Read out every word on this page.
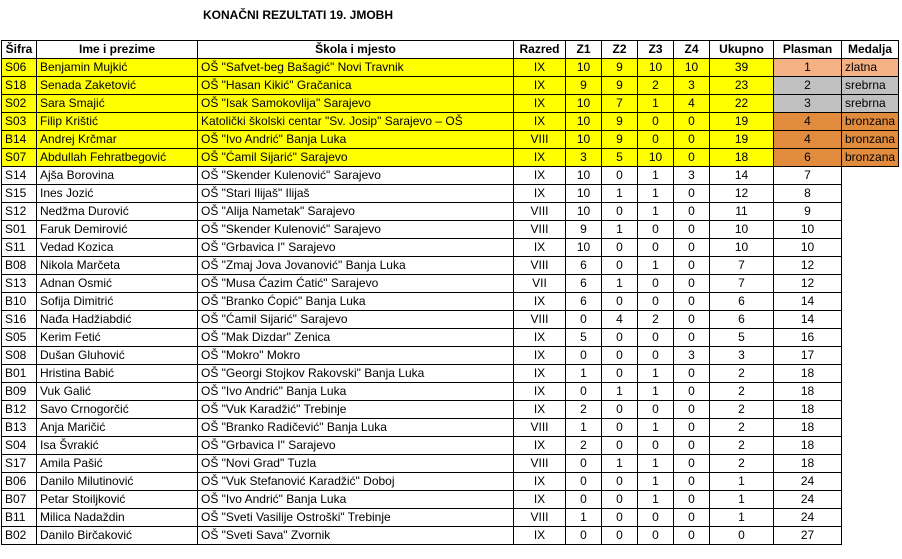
KONAČNI REZULTATI 19. JMOBH
Šifra	Ime i prezime	Škola i mjesto	Razred	Z1	Z2	Z3	Z4	Ukupno	Plasman	Medalja
S06	Benjamin Mujkić	OŠ "Safvet-beg Bašagić" Novi Travnik	IX	10	9	10	10	39	1	zlatna
S18	Senada Zaketović	OŠ "Hasan Kikić" Gračanica	IX	9	9	2	3	23	2	srebrna
S02	Sara Smajić	OŠ "Isak Samokovlija" Sarajevo	IX	10	7	1	4	22	3	srebrna
S03	Filip Krištić	Katolički školski centar "Sv. Josip" Sarajevo – OŠ	IX	10	9	0	0	19	4	bronzana
B14	Andrej Krčmar	OŠ "Ivo Andrić" Banja Luka	VIII	10	9	0	0	19	4	bronzana
S07	Abdullah Fehratbegović	OŠ "Ćamil Sijarić" Sarajevo	IX	3	5	10	0	18	6	bronzana
S14	Ajša Borovina	OŠ "Skender Kulenović" Sarajevo	IX	10	0	1	3	14	7	
S15	Ines Jozić	OŠ "Stari Ilijaš" Ilijaš	IX	10	1	1	0	12	8	
S12	Nedžma Durović	OŠ "Alija Nametak" Sarajevo	VIII	10	0	1	0	11	9	
S01	Faruk Demirović	OŠ "Skender Kulenović" Sarajevo	VIII	9	1	0	0	10	10	
S11	Vedad Kozica	OŠ "Grbavica I" Sarajevo	IX	10	0	0	0	10	10	
B08	Nikola Marčeta	OŠ "Zmaj Jova Jovanović" Banja Luka	VIII	6	0	1	0	7	12	
S13	Adnan Osmić	OŠ "Musa Ćazim Ćatić" Sarajevo	VII	6	1	0	0	7	12	
B10	Sofija Dimitrić	OŠ "Branko Ćopić" Banja Luka	IX	6	0	0	0	6	14	
S16	Nađa Hadžiabdić	OŠ "Ćamil Sijarić" Sarajevo	VIII	0	4	2	0	6	14	
S05	Kerim Fetić	OŠ "Mak Dizdar" Zenica	IX	5	0	0	0	5	16	
S08	Dušan Gluhović	OŠ "Mokro" Mokro	IX	0	0	0	3	3	17	
B01	Hristina Babić	OŠ "Georgi Stojkov Rakovski" Banja Luka	IX	1	0	1	0	2	18	
B09	Vuk Galić	OŠ "Ivo Andrić" Banja Luka	IX	0	1	1	0	2	18	
B12	Savo Crnogorčić	OŠ "Vuk Karadžić" Trebinje	IX	2	0	0	0	2	18	
B13	Anja Maričić	OŠ "Branko Radičević" Banja Luka	VIII	1	0	1	0	2	18	
S04	Isa Švrakić	OŠ "Grbavica I" Sarajevo	IX	2	0	0	0	2	18	
S17	Amila Pašić	OŠ "Novi Grad" Tuzla	VIII	0	1	1	0	2	18	
B06	Danilo Milutinović	OŠ "Vuk Stefanović Karadžić" Doboj	IX	0	0	1	0	1	24	
B07	Petar Stoiljković	OŠ "Ivo Andrić" Banja Luka	IX	0	0	1	0	1	24	
B11	Milica Nadaždin	OŠ "Sveti Vasilije Ostroški" Trebinje	VIII	1	0	0	0	1	24	
B02	Danilo Birčaković	OŠ "Sveti Sava" Zvornik	IX	0	0	0	0	0	27	
